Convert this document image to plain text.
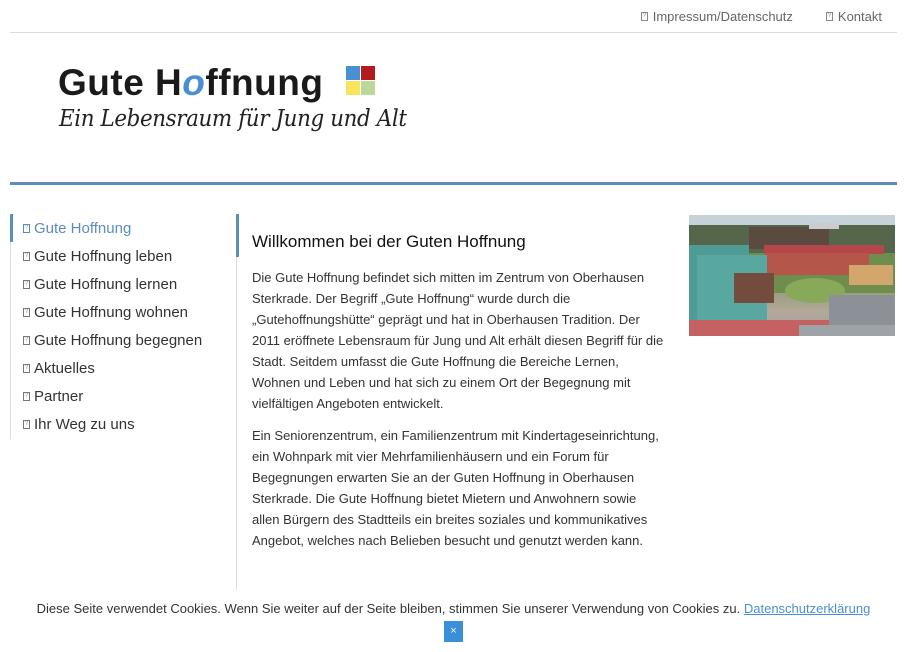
? Impressum/Datenschutz	? Kontakt
Gute Hoffnung
Ein Lebensraum für Jung und Alt
? Gute Hoffnung
? Gute Hoffnung leben
? Gute Hoffnung lernen
? Gute Hoffnung wohnen
? Gute Hoffnung begegnen
? Aktuelles
? Partner
? Ihr Weg zu uns
Willkommen bei der Guten Hoffnung

Die Gute Hoffnung befindet sich mitten im Zentrum von Oberhausen Sterkrade. Der Begriff „Gute Hoffnung“ wurde durch die „Gutehoffnungshütte“ geprägt und hat in Oberhausen Tradition. Der 2011 eröffnete Lebensraum für Jung und Alt erhält diesen Begriff für die Stadt. Seitdem umfasst die Gute Hoffnung die Bereiche Lernen, Wohnen und Leben und hat sich zu einem Ort der Begegnung mit vielfältigen Angeboten entwickelt.

Ein Seniorenzentrum, ein Familienzentrum mit Kindertageseinrichtung, ein Wohnpark mit vier Mehrfamilienhäusern und ein Forum für Begegnungen erwarten Sie an der Guten Hoffnung in Oberhausen Sterkrade. Die Gute Hoffnung bietet Mietern und Anwohnern sowie allen Bürgern des Stadtteils ein breites soziales und kommunikatives Angebot, welches nach Belieben besucht und genutzt werden kann.

Diese Seite verwendet Cookies. Wenn Sie weiter auf der Seite bleiben, stimmen Sie unserer Verwendung von Cookies zu. Datenschutzerklärung
×
